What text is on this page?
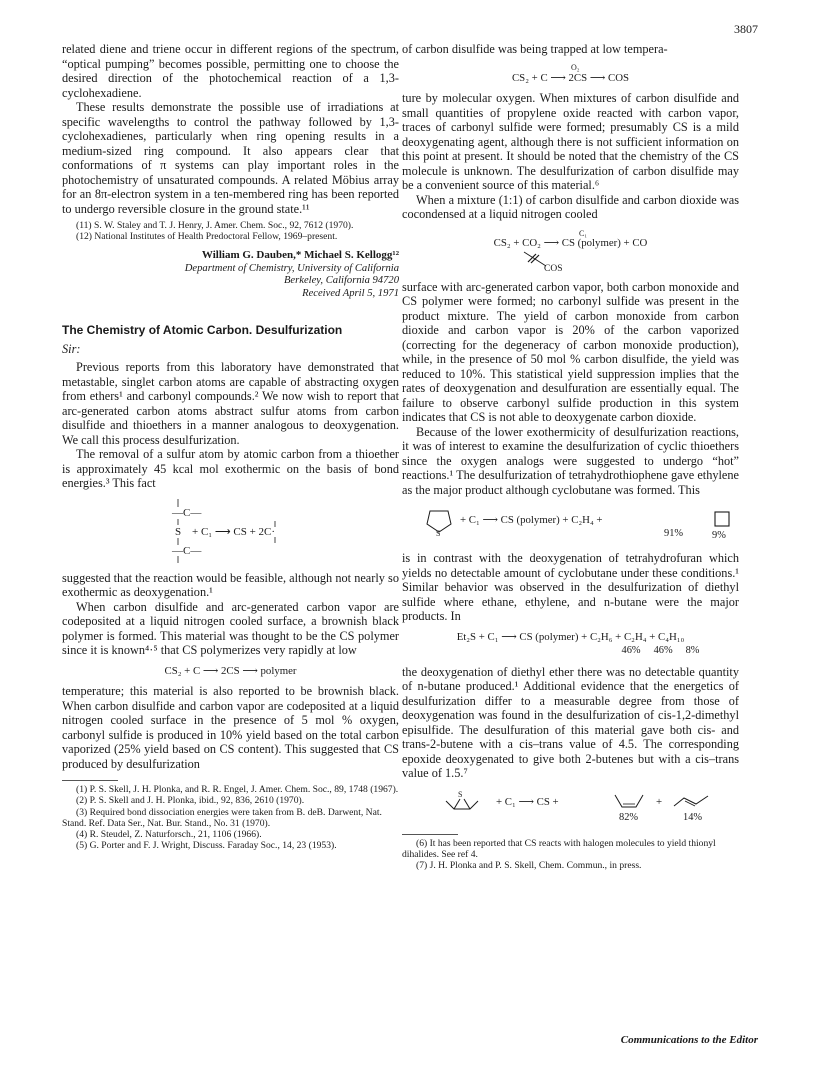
3807

related diene and triene occur in different regions of the spectrum, “optical pumping” becomes possible, permitting one to choose the desired direction of the photochemical reaction of a 1,3-cyclohexadiene.

These results demonstrate the possible use of irradiations at specific wavelengths to control the pathway followed by 1,3-cyclohexadienes, particularly when ring opening results in a medium-sized ring compound. It also appears clear that conformations of π systems can play important roles in the photochemistry of unsaturated compounds. A related Möbius array for an 8π-electron system in a ten-membered ring has been reported to undergo reversible closure in the ground state.¹¹

(11) S. W. Staley and T. J. Henry, J. Amer. Chem. Soc., 92, 7612 (1970).

(12) National Institutes of Health Predoctoral Fellow, 1969–present.

William G. Dauben,* Michael S. Kellogg¹²
Department of Chemistry, University of California
Berkeley, California 94720
Received April 5, 1971
The Chemistry of Atomic Carbon. Desulfurization
Sir:

Previous reports from this laboratory have demonstrated that metastable, singlet carbon atoms are capable of abstracting oxygen from ethers¹ and carbonyl compounds.² We now wish to report that arc-generated carbon atoms abstract sulfur atoms from carbon disulfide and thioethers in a manner analogous to deoxygenation. We call this process desulfurization.

The removal of a sulfur atom by atomic carbon from a thioether is approximately 45 kcal mol exothermic on the basis of bond energies.³ This fact

—C—
S
—C—
+ C₁ ⟶ CS + 2C·

suggested that the reaction would be feasible, although not nearly so exothermic as deoxygenation.¹

When carbon disulfide and arc-generated carbon vapor are codeposited at a liquid nitrogen cooled surface, a brownish black polymer is formed. This material was thought to be the CS polymer since it is known⁴·⁵ that CS polymerizes very rapidly at low

CS₂ + C ⟶ 2CS ⟶ polymer

temperature; this material is also reported to be brownish black. When carbon disulfide and carbon vapor are codeposited at a liquid nitrogen cooled surface in the presence of 5 mol % oxygen, carbonyl sulfide is produced in 10% yield based on the total carbon vaporized (25% yield based on CS content). This suggested that CS produced by desulfurization

(1) P. S. Skell, J. H. Plonka, and R. R. Engel, J. Amer. Chem. Soc., 89, 1748 (1967).

(2) P. S. Skell and J. H. Plonka, ibid., 92, 836, 2610 (1970).

(3) Required bond dissociation energies were taken from B. deB. Darwent, Nat. Stand. Ref. Data Ser., Nat. Bur. Stand., No. 31 (1970).

(4) R. Steudel, Z. Naturforsch., 21, 1106 (1966).

(5) G. Porter and F. J. Wright, Discuss. Faraday Soc., 14, 23 (1953).

of carbon disulfide was being trapped at low tempera-

O₂
CS₂ + C ⟶ 2CS ⟶ COS

ture by molecular oxygen. When mixtures of carbon disulfide and small quantities of propylene oxide reacted with carbon vapor, traces of carbonyl sulfide were formed; presumably CS is a mild deoxygenating agent, although there is not sufficient information on this point at present. It should be noted that the chemistry of the CS molecule is unknown. The desulfurization of carbon disulfide may be a convenient source of this material.⁶

When a mixture (1:1) of carbon disulfide and carbon dioxide was cocondensed at a liquid nitrogen cooled

C₁
CS₂ + CO₂ ⟶ CS (polymer) + CO
COS

surface with arc-generated carbon vapor, both carbon monoxide and CS polymer were formed; no carbonyl sulfide was present in the product mixture. The yield of carbon monoxide from carbon dioxide and carbon vapor is 20% of the carbon vaporized (correcting for the degeneracy of carbon monoxide production), while, in the presence of 50 mol % carbon disulfide, the yield was reduced to 10%. This statistical yield suppression implies that the rates of deoxygenation and desulfuration are essentially equal. The failure to observe carbonyl sulfide production in this system indicates that CS is not able to deoxygenate carbon dioxide.

Because of the lower exothermicity of desulfurization reactions, it was of interest to examine the desulfurization of cyclic thioethers since the oxygen analogs were suggested to undergo “hot” reactions.¹ The desulfurization of tetrahydrothiophene gave ethylene as the major product although cyclobutane was formed. This

S
+ C₁ ⟶ CS (polymer) + C₂H₄ +
91%	9%

is in contrast with the deoxygenation of tetrahydrofuran which yields no detectable amount of cyclobutane under these conditions.¹ Similar behavior was observed in the desulfurization of diethyl sulfide where ethane, ethylene, and n-butane were the major products. In

Et₂S + C₁ ⟶ CS (polymer) + C₂H₆ + C₂H₄ + C₄H₁₀
46%     46%     8%

the deoxygenation of diethyl ether there was no detectable quantity of n-butane produced.¹ Additional evidence that the energetics of desulfurization differ to a measurable degree from those of deoxygenation was found in the desulfurization of cis-1,2-dimethyl episulfide. The desulfuration of this material gave both cis- and trans-2-butene with a cis–trans value of 4.5. The corresponding epoxide deoxygenated to give both 2-butenes but with a cis–trans value of 1.5.⁷

S
+ C₁ ⟶ CS +	+
82%	14%

(6) It has been reported that CS reacts with halogen molecules to yield thionyl dihalides. See ref 4.

(7) J. H. Plonka and P. S. Skell, Chem. Commun., in press.

Communications to the Editor
